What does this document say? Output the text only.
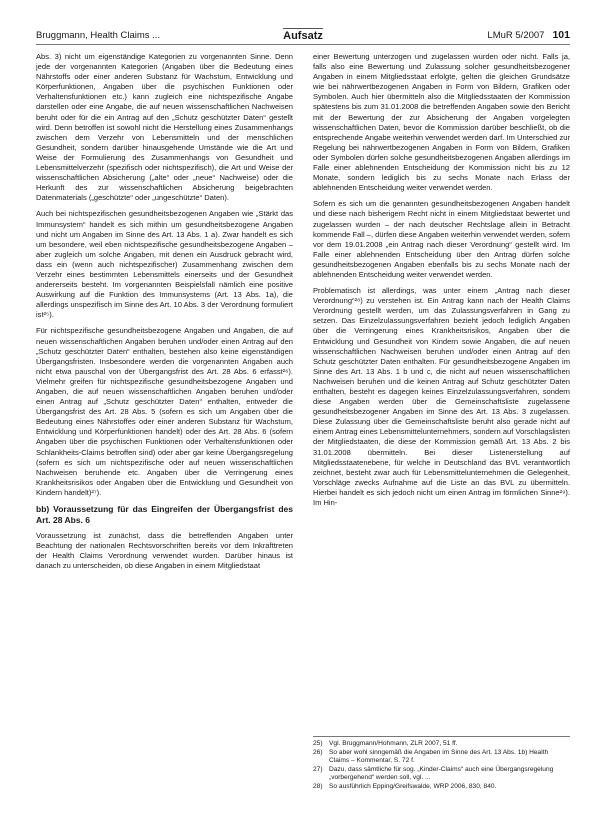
Bruggmann, Health Claims ...	Aufsatz	LMuR 5/2007 101

Abs. 3) nicht um eigenständige Kategorien zu vorgenannten Sinne. Denn jede der vorgenannten Kategorien (Angaben über die Bedeutung eines Nährstoffs oder einer anderen Substanz für Wachstum, Entwicklung und Körperfunktionen, Angaben über die psychischen Funktionen oder Verhaltensfunktionen etc.) kann zugleich eine nichtspezifische Angabe darstellen oder eine Angabe, die auf neuen wissenschaftlichen Nachweisen beruht oder für die ein Antrag auf den „Schutz geschützter Daten“ gestellt wird. Denn betroffen ist sowohl nicht die Herstellung eines Zusammenhangs zwischen dem Verzehr von Lebensmitteln und der menschlichen Gesundheit, sondern darüber hinausgehende Umstände wie die Art und Weise der Formulierung des Zusammenhangs von Gesundheit und Lebensmittelverzehr (spezifisch oder nichtspezifisch), die Art und Weise der wissenschaftlichen Absicherung („alte“ oder „neue“ Nachweise) oder die Herkunft des zur wissenschaftlichen Absicherung beigebrachten Datenmaterials („geschützte“ oder „ungeschützte“ Daten).

Auch bei nichtspezifischen gesundheitsbezogenen Angaben wie „Stärkt das Immunsystem“ handelt es sich mithin um gesundheitsbezogene Angaben und nicht um Angaben im Sinne des Art. 13 Abs. 1 a). Zwar handelt es sich um besondere, weil eben nichtspezifische gesundheitsbezogene Angaben – aber zugleich um solche Angaben, mit denen ein Ausdruck gebracht wird, dass ein (wenn auch nichtspezifischer) Zusammenhang zwischen dem Verzehr eines bestimmten Lebensmittels einerseits und der Gesundheit andererseits besteht. Im vorgenannten Beispielsfall nämlich eine positive Auswirkung auf die Funktion des Immunsystems (Art. 13 Abs. 1a), die allerdings unspezifisch im Sinne des Art. 10 Abs. 3 der Verordnung formuliert ist²⁵).

Für nichtspezifische gesundheitsbezogene Angaben und Angaben, die auf neuen wissenschaftlichen Angaben beruhen und/oder einen Antrag auf den „Schutz geschützter Daten“ enthalten, bestehen also keine eigenständigen Übergangsfristen. Insbesondere werden die vorgenannten Angaben auch nicht etwa pauschal von der Übergangsfrist des Art. 28 Abs. 6 erfasst²⁶). Vielmehr greifen für nichtspezifische gesundheitsbezogene Angaben und Angaben, die auf neuen wissenschaftlichen Angaben beruhen und/oder einen Antrag auf „Schutz geschützter Daten“ enthalten, entweder die Übergangsfrist des Art. 28 Abs. 5 (sofern es sich um Angaben über die Bedeutung eines Nährstoffes oder einer anderen Substanz für Wachstum, Entwicklung und Körperfunktionen handelt) oder des Art. 28 Abs. 6 (sofern Angaben über die psychischen Funktionen oder Verhaltensfunktionen oder Schlankheits-Claims betroffen sind) oder aber gar keine Übergangsregelung (sofern es sich um nichtspezifische oder auf neuen wissenschaftlichen Nachweisen beruhende etc. Angaben über die Verringerung eines Krankheitsrisikos oder Angaben über die Entwicklung und Gesundheit von Kindern handelt)²⁷).

bb) Voraussetzung für das Eingreifen der Übergangsfrist des Art. 28 Abs. 6

Voraussetzung ist zunächst, dass die betreffenden Angaben unter Beachtung der nationalen Rechtsvorschriften bereits vor dem Inkrafttreten der Health Claims Verordnung verwendet wurden. Darüber hinaus ist danach zu unterscheiden, ob diese Angaben in einem Mitgliedstaat

einer Bewertung unterzogen und zugelassen wurden oder nicht. Falls ja, falls also eine Bewertung und Zulassung solcher gesundheitsbezogener Angaben in einem Mitgliedsstaat erfolgte, gelten die gleichen Grundsätze wie bei nährwertbezogenen Angaben in Form von Bildern, Grafiken oder Symbolen. Auch hier übermitteln also die Mitgliedsstaaten der Kommission spätestens bis zum 31.01.2008 die betreffenden Angaben sowie den Bericht mit der Bewertung der zur Absicherung der Angaben vorgelegten wissenschaftlichen Daten, bevor die Kommission darüber beschließt, ob die entsprechende Angabe weiterhin verwendet werden darf. Im Unterschied zur Regelung bei nährwertbezogenen Angaben in Form von Bildern, Grafiken oder Symbolen dürfen solche gesundheitsbezogenen Angaben allerdings im Falle einer ablehnenden Entscheidung der Kommission nicht bis zu 12 Monate, sondern lediglich bis zu sechs Monate nach Erlass der ablehnenden Entscheidung weiter verwendet werden.

Sofern es sich um die genannten gesundheitsbezogenen Angaben handelt und diese nach bisherigem Recht nicht in einem Mitgliedstaat bewertet und zugelassen wurden – der nach deutscher Rechtslage allein in Betracht kommende Fall –, dürfen diese Angaben weiterhin verwendet werden, sofern vor dem 19.01.2008 „ein Antrag nach dieser Verordnung“ gestellt wird. Im Falle einer ablehnenden Entscheidung über den Antrag dürfen solche gesundheitsbezogenen Angaben ebenfalls bis zu sechs Monate nach der ablehnenden Entscheidung weiter verwendet werden.

Problematisch ist allerdings, was unter einem „Antrag nach dieser Verordnung“²⁸) zu verstehen ist. Ein Antrag kann nach der Health Claims Verordnung gestellt werden, um das Zulassungsverfahren in Gang zu setzen. Das Einzelzulassungsverfahren bezieht jedoch lediglich Angaben über die Verringerung eines Krankheitsrisikos, Angaben über die Entwicklung und Gesundheit von Kindern sowie Angaben, die auf neuen wissenschaftlichen Nachweisen beruhen und/oder einen Antrag auf den Schutz geschützter Daten enthalten. Für gesundheitsbezogene Angaben im Sinne des Art. 13 Abs. 1 b und c, die nicht auf neuen wissenschaftlichen Nachweisen beruhen und die keinen Antrag auf Schutz geschützter Daten enthalten, besteht es dagegen keines Einzelzulassungsverfahren, sondern diese Angaben werden über die Gemeinschaftsliste zugelassene gesundheitsbezogener Angaben im Sinne des Art. 13 Abs. 3 zugelassen. Diese Zulassung über die Gemeinschaftsliste beruht also gerade nicht auf einem Antrag eines Lebensmittelunternehmers, sondern auf Vorschlagslisten der Mitgliedstaaten, die diese der Kommission gemäß Art. 13 Abs. 2 bis 31.01.2008 übermitteln. Bei dieser Listenerstellung auf Mitgliedsstaatenebene, für welche in Deutschland das BVL verantwortlich zeichnet, besteht zwar auch für Lebensmittelunternehmen die Gelegenheit, Vorschläge zwecks Aufnahme auf die Liste an das BVL zu übermitteln. Hierbei handelt es sich jedoch nicht um einen Antrag im förmlichen Sinne²⁹). Im Hin-

25) Vgl. Bruggmann/Hohmann, ZLR 2007, 51 ff.
26) So aber wohl sinngemäß die Angaben im Sinne des Art. 13 Abs. 1b) Health Claims – Kommentar, S. 72 f.
27) Dazu, dass sämtliche für sog. „Kinder-Claims“ auch eine Übergangsregelung „vorbergehend“ werden soll, vgl. ...
28) So ausführlich Epping/Greifswalde, WRP 2006, 830, 840.
